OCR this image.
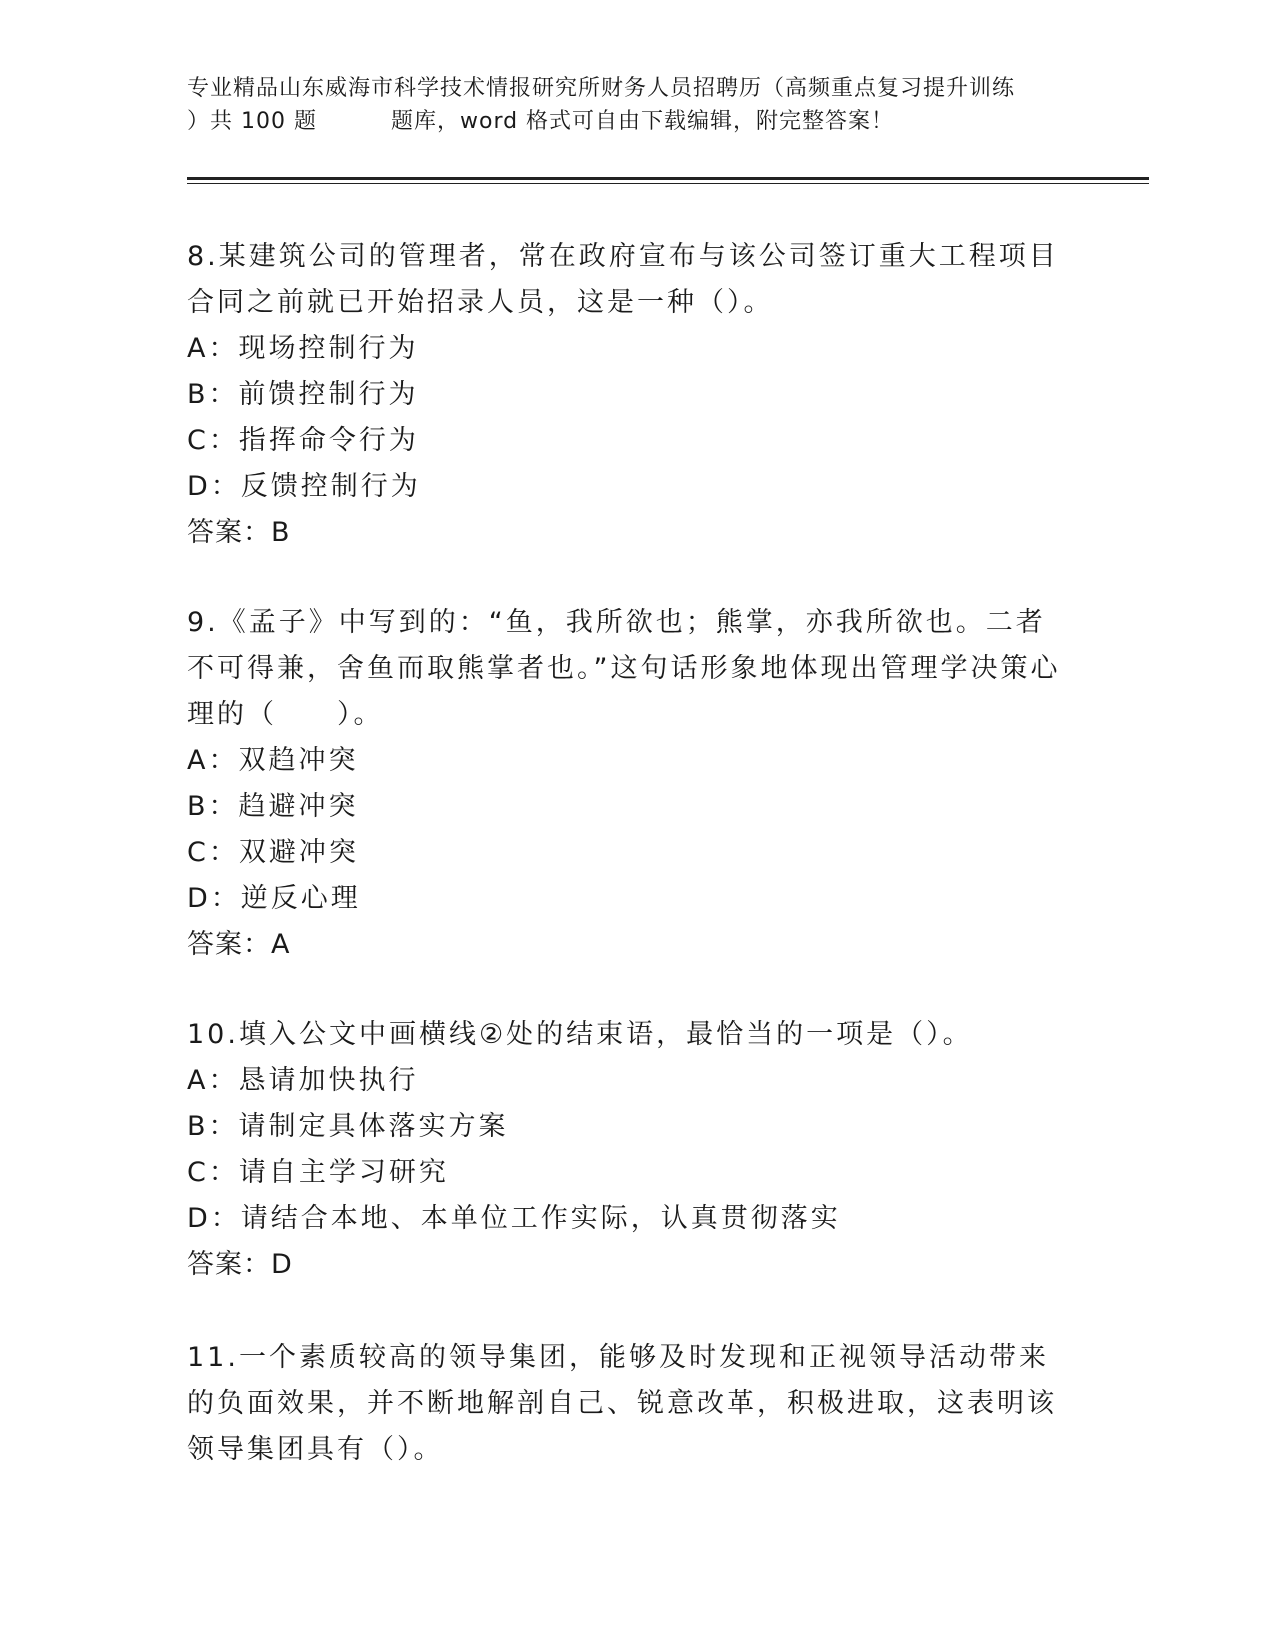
专业精品山东威海市科学技术情报研究所财务人员招聘历（高频重点复习提升训练
）共 100 题	题库，word 格式可自由下载编辑，附完整答案！

8.某建筑公司的管理者，常在政府宣布与该公司签订重大工程项目合同之前就已开始招录人员，这是一种（）。

A：现场控制行为

B：前馈控制行为

C：指挥命令行为

D：反馈控制行为

答案：B

9.《孟子》中写到的：“鱼，我所欲也；熊掌，亦我所欲也。二者不可得兼，舍鱼而取熊掌者也。”这句话形象地体现出管理学决策心理的（　　）。

A：双趋冲突

B：趋避冲突

C：双避冲突

D：逆反心理

答案：A

10.填入公文中画横线②处的结束语，最恰当的一项是（）。

A：恳请加快执行

B：请制定具体落实方案

C：请自主学习研究

D：请结合本地、本单位工作实际，认真贯彻落实

答案：D

11.一个素质较高的领导集团，能够及时发现和正视领导活动带来的负面效果，并不断地解剖自己、锐意改革，积极进取，这表明该领导集团具有（）。
